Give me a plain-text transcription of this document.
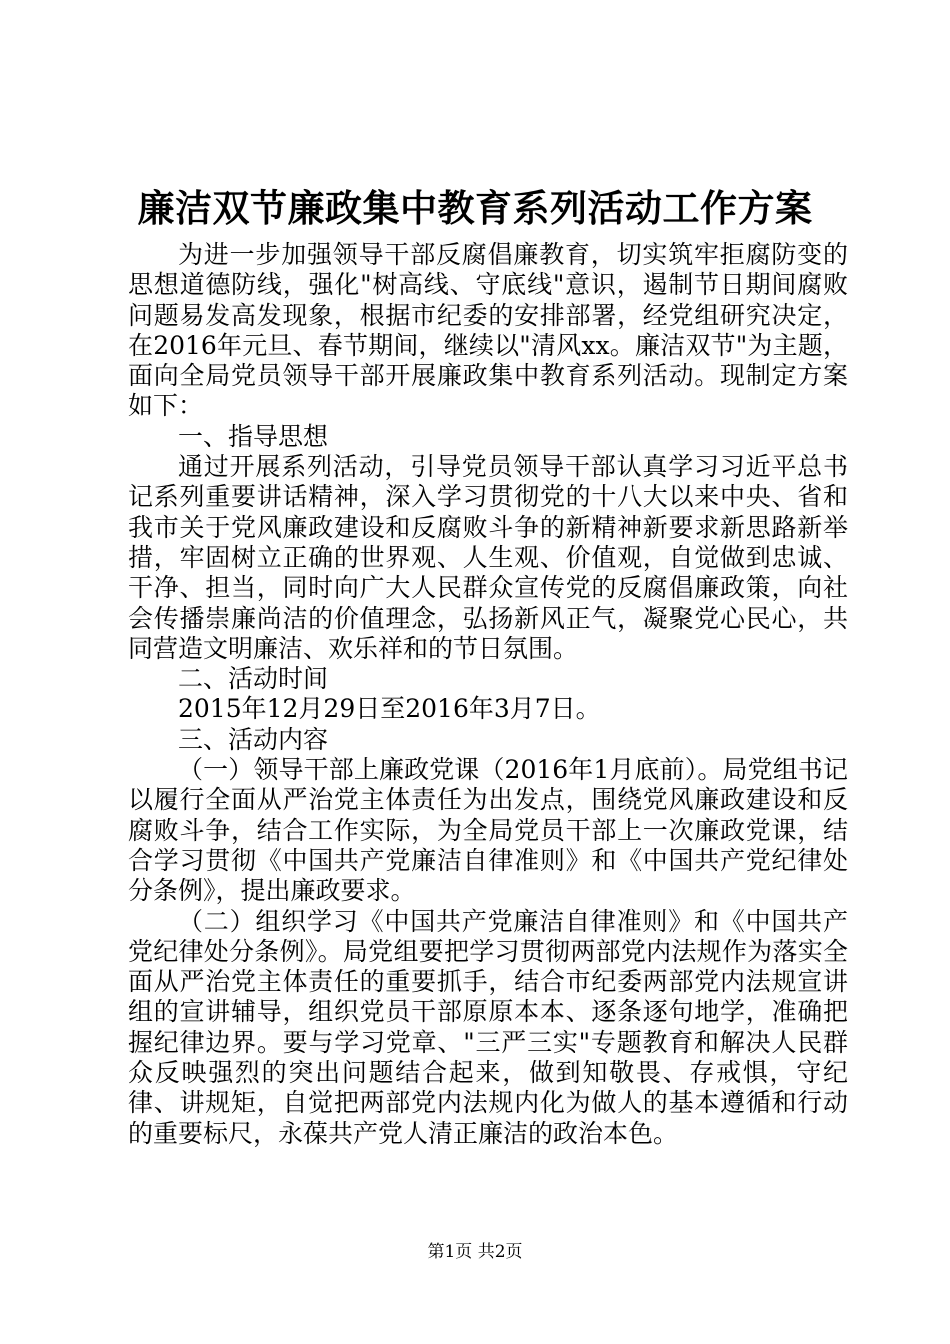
廉洁双节廉政集中教育系列活动工作方案

为进一步加强领导干部反腐倡廉教育，切实筑牢拒腐防变的思想道德防线，强化"树高线、守底线"意识，遏制节日期间腐败问题易发高发现象，根据市纪委的安排部署，经党组研究决定，在2016年元旦、春节期间，继续以"清风xx。廉洁双节"为主题，面向全局党员领导干部开展廉政集中教育系列活动。现制定方案如下：

一、指导思想

通过开展系列活动，引导党员领导干部认真学习习近平总书记系列重要讲话精神，深入学习贯彻党的十八大以来中央、省和我市关于党风廉政建设和反腐败斗争的新精神新要求新思路新举措，牢固树立正确的世界观、人生观、价值观，自觉做到忠诚、干净、担当，同时向广大人民群众宣传党的反腐倡廉政策，向社会传播崇廉尚洁的价值理念，弘扬新风正气，凝聚党心民心，共同营造文明廉洁、欢乐祥和的节日氛围。

二、活动时间

2015年12月29日至2016年3月7日。

三、活动内容

（一）领导干部上廉政党课（2016年1月底前）。局党组书记以履行全面从严治党主体责任为出发点，围绕党风廉政建设和反腐败斗争，结合工作实际，为全局党员干部上一次廉政党课，结合学习贯彻《中国共产党廉洁自律准则》和《中国共产党纪律处分条例》，提出廉政要求。

（二）组织学习《中国共产党廉洁自律准则》和《中国共产党纪律处分条例》。局党组要把学习贯彻两部党内法规作为落实全面从严治党主体责任的重要抓手，结合市纪委两部党内法规宣讲组的宣讲辅导，组织党员干部原原本本、逐条逐句地学，准确把握纪律边界。要与学习党章、"三严三实"专题教育和解决人民群众反映强烈的突出问题结合起来，做到知敬畏、存戒惧，守纪律、讲规矩，自觉把两部党内法规内化为做人的基本遵循和行动的重要标尺，永葆共产党人清正廉洁的政治本色。

第1页 共2页
